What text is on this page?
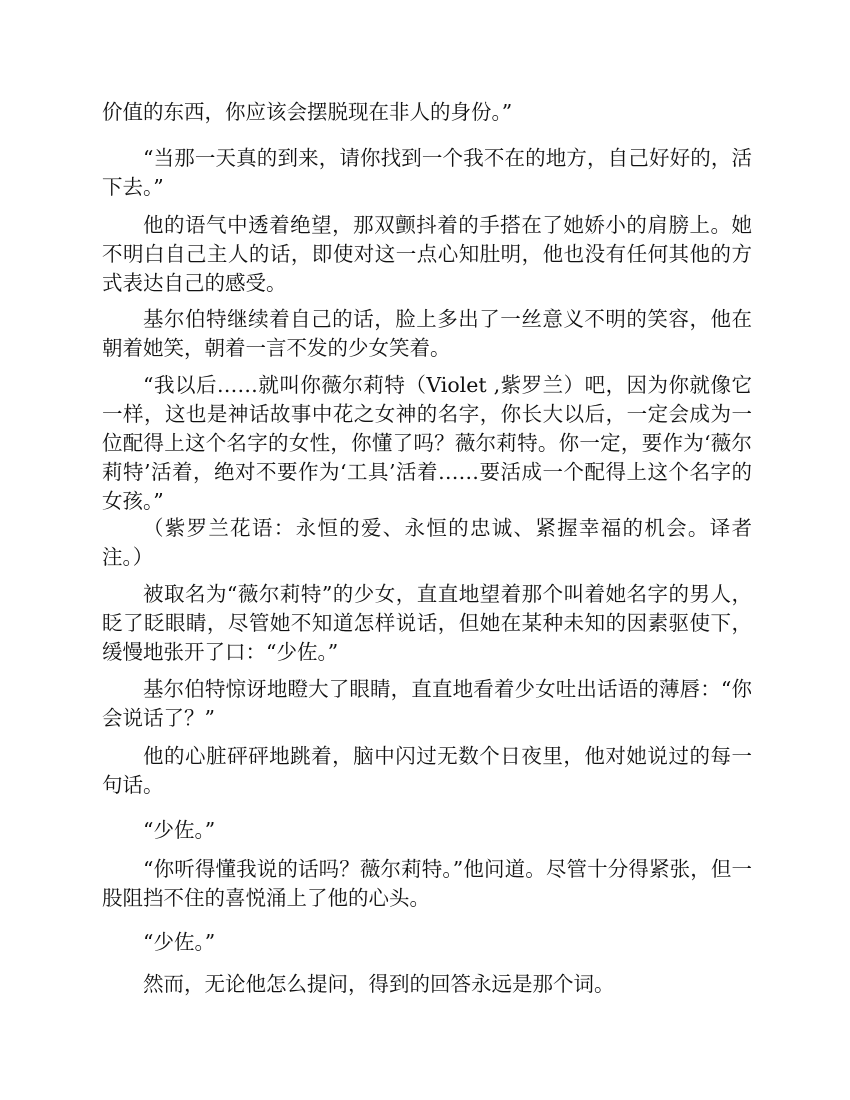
价值的东西，你应该会摆脱现在非人的身份。”

“当那一天真的到来，请你找到一个我不在的地方，自己好好的，活下去。”

他的语气中透着绝望，那双颤抖着的手搭在了她娇小的肩膀上。她不明白自己主人的话，即使对这一点心知肚明，他也没有任何其他的方式表达自己的感受。

基尔伯特继续着自己的话，脸上多出了一丝意义不明的笑容，他在朝着她笑，朝着一言不发的少女笑着。

“我以后……就叫你薇尔莉特（Violet ,紫罗兰）吧，因为你就像它一样，这也是神话故事中花之女神的名字，你长大以后，一定会成为一位配得上这个名字的女性，你懂了吗？薇尔莉特。你一定，要作为‘薇尔莉特’活着，绝对不要作为‘工具’活着……要活成一个配得上这个名字的女孩。”

（紫罗兰花语：永恒的爱、永恒的忠诚、紧握幸福的机会。译者注。）

被取名为“薇尔莉特”的少女，直直地望着那个叫着她名字的男人，眨了眨眼睛，尽管她不知道怎样说话，但她在某种未知的因素驱使下，缓慢地张开了口：“少佐。”

基尔伯特惊讶地瞪大了眼睛，直直地看着少女吐出话语的薄唇：“你会说话了？”

他的心脏砰砰地跳着，脑中闪过无数个日夜里，他对她说过的每一句话。

“少佐。”

“你听得懂我说的话吗？薇尔莉特。”他问道。尽管十分得紧张，但一股阻挡不住的喜悦涌上了他的心头。

“少佐。”

然而，无论他怎么提问，得到的回答永远是那个词。
